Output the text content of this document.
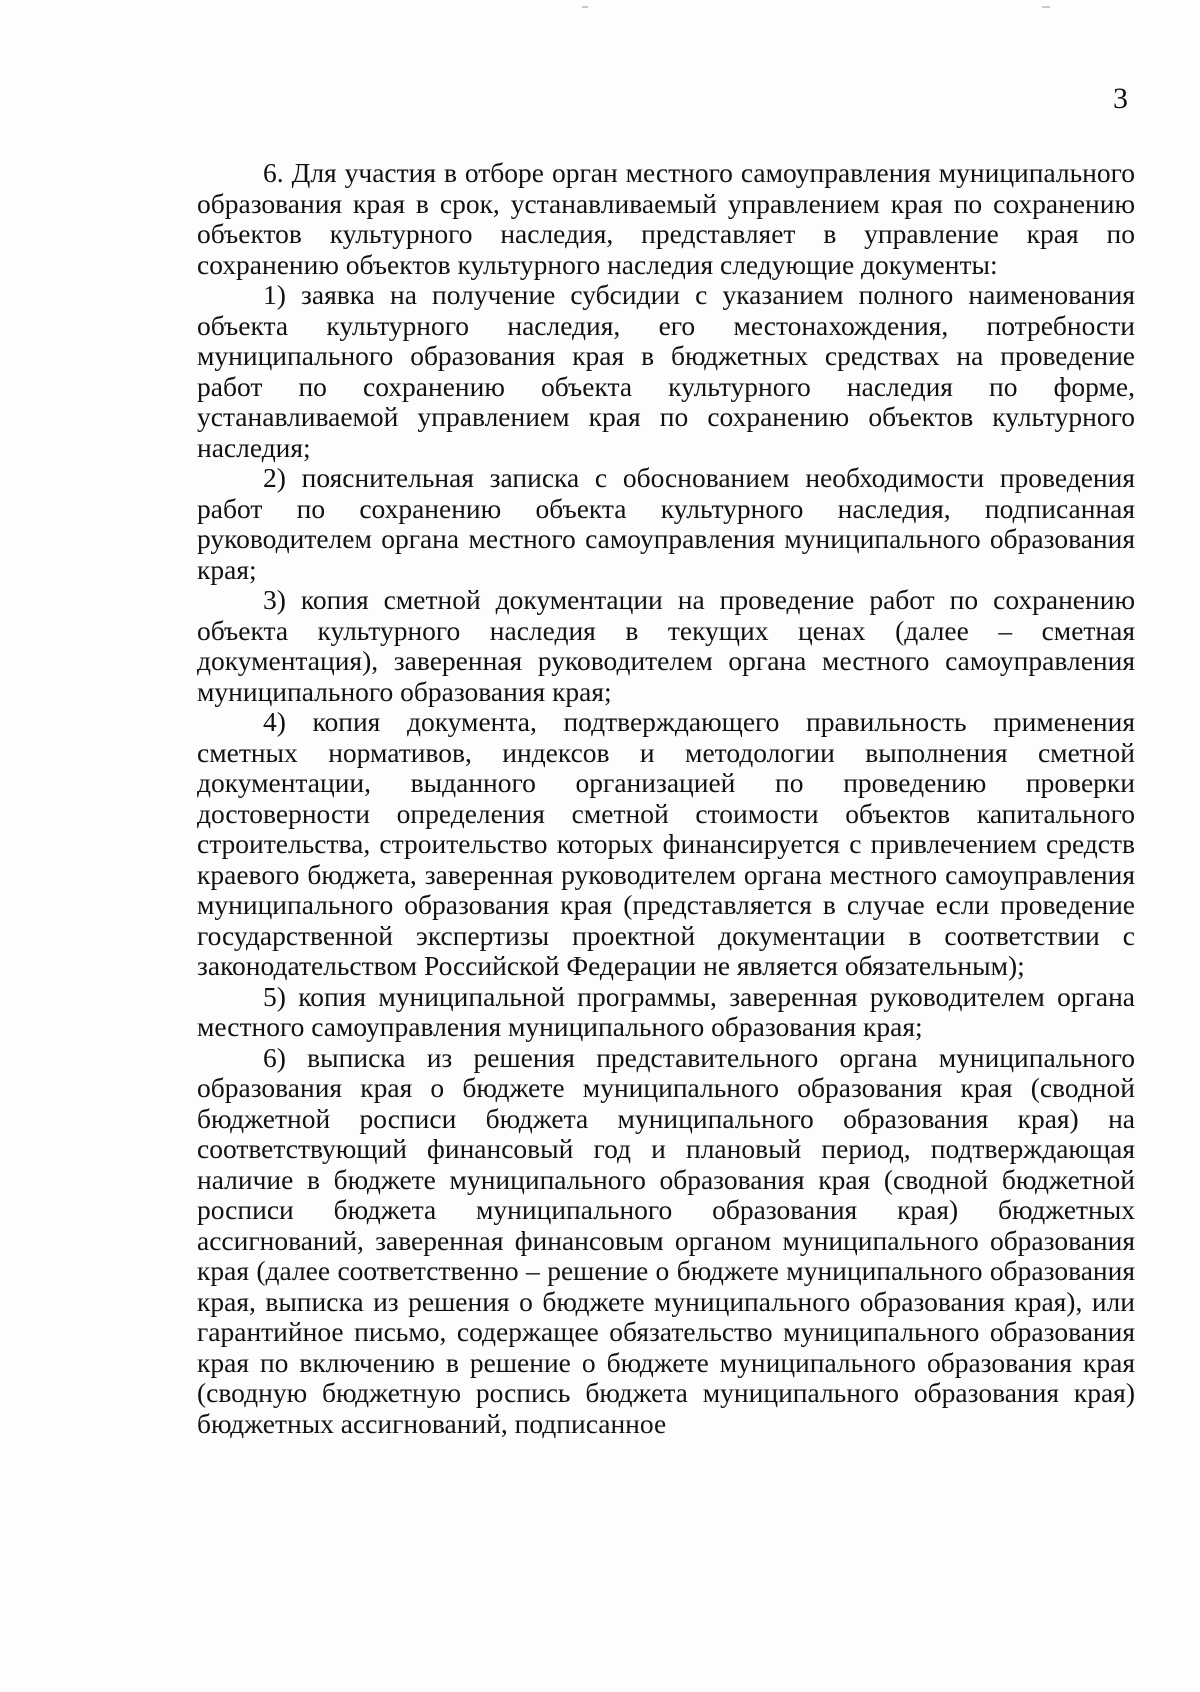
3

6. Для участия в отборе орган местного самоуправления муниципального образования края в срок, устанавливаемый управлением края по сохранению объектов культурного наследия, представляет в управление края по сохранению объектов культурного наследия следующие документы:

1) заявка на получение субсидии с указанием полного наименования объекта культурного наследия, его местонахождения, потребности муниципального образования края в бюджетных средствах на проведение работ по сохранению объекта культурного наследия по форме, устанавливаемой управлением края по сохранению объектов культурного наследия;

2) пояснительная записка с обоснованием необходимости проведения работ по сохранению объекта культурного наследия, подписанная руководителем органа местного самоуправления муниципального образования края;

3) копия сметной документации на проведение работ по сохранению объекта культурного наследия в текущих ценах (далее – сметная документация), заверенная руководителем органа местного самоуправления муниципального образования края;

4) копия документа, подтверждающего правильность применения сметных нормативов, индексов и методологии выполнения сметной документации, выданного организацией по проведению проверки достоверности определения сметной стоимости объектов капитального строительства, строительство которых финансируется с привлечением средств краевого бюджета, заверенная руководителем органа местного самоуправления муниципального образования края (представляется в случае если проведение государственной экспертизы проектной документации в соответствии с законодательством Российской Федерации не является обязательным);

5) копия муниципальной программы, заверенная руководителем органа местного самоуправления муниципального образования края;

6) выписка из решения представительного органа муниципального образования края о бюджете муниципального образования края (сводной бюджетной росписи бюджета муниципального образования края) на соответствующий финансовый год и плановый период, подтверждающая наличие в бюджете муниципального образования края (сводной бюджетной росписи бюджета муниципального образования края) бюджетных ассигнований, заверенная финансовым органом муниципального образования края (далее соответственно – решение о бюджете муниципального образования края, выписка из решения о бюджете муниципального образования края), или гарантийное письмо, содержащее обязательство муниципального образования края по включению в решение о бюджете муниципального образования края (сводную бюджетную роспись бюджета муниципального образования края) бюджетных ассигнований, подписанное
